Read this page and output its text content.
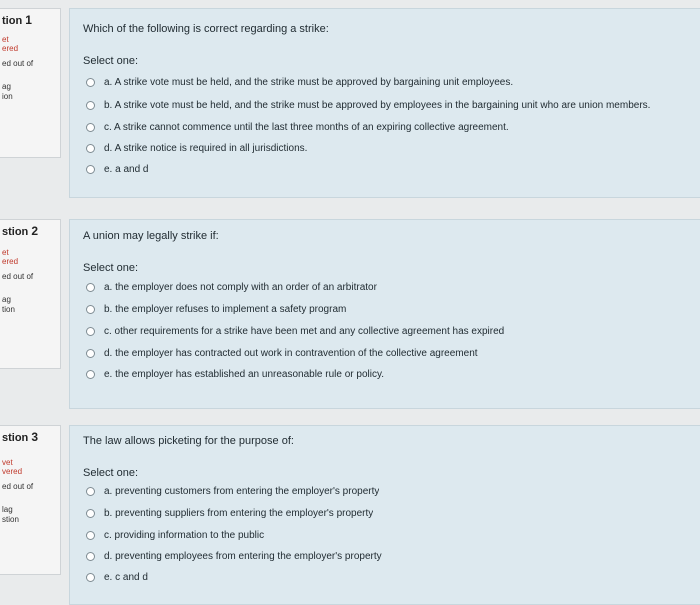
tion 1
et
ered
ed out of
ag
ion
Which of the following is correct regarding a strike:
Select one:
a. A strike vote must be held, and the strike must be approved by bargaining unit employees.
b. A strike vote must be held, and the strike must be approved by employees in the bargaining unit who are union members.
c. A strike cannot commence until the last three months of an expiring collective agreement.
d. A strike notice is required in all jurisdictions.
e. a and d
stion 2
et
ered
ed out of
ag
tion
A union may legally strike if:
Select one:
a. the employer does not comply with an order of an arbitrator
b. the employer refuses to implement a safety program
c. other requirements for a strike have been met and any collective agreement has expired
d. the employer has contracted out work in contravention of the collective agreement
e. the employer has established an unreasonable rule or policy.
stion 3
vet
vered
ed out of
lag
stion
The law allows picketing for the purpose of:
Select one:
a. preventing customers from entering the employer's property
b. preventing suppliers from entering the employer's property
c. providing information to the public
d. preventing employees from entering the employer's property
e. c and d
